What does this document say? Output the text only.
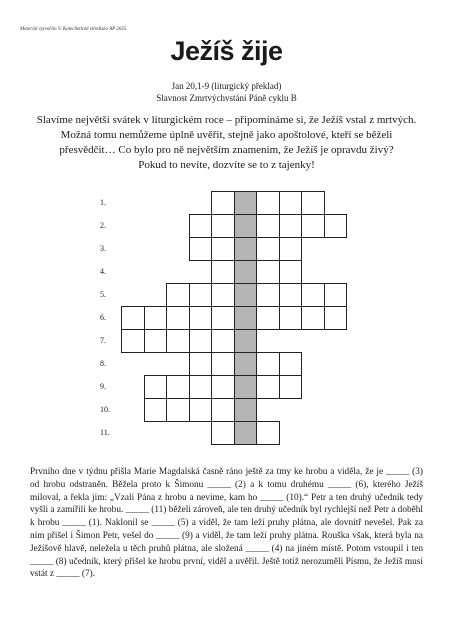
Materiál vytvořilo © Katechetické středisko AP 2025
Ježíš žije
Jan 20,1-9 (liturgický překlad)
Slavnost Zmrtvýchvstání Páně cyklu B

Slavíme největší svátek v liturgickém roce – připomínáme si, že Ježíš vstal z mrtvých.

Možná tomu nemůžeme úplně uvěřit, stejně jako apoštolové, kteří se běželi

přesvědčit… Co bylo pro ně největším znamením, že Ježíš je opravdu živý?

Pokud to nevíte, dozvíte se to z tajenky!

1.
2.
3.
4.
5.
6.
7.
8.
9.
10.
11.

Prvního dne v týdnu přišla Marie Magdalská časně ráno ještě za tmy ke hrobu a viděla, že je _____ (3) od hrobu odstraněn. Běžela proto k Šimonu _____ (2) a k tomu druhému _____ (6), kterého Ježíš miloval, a řekla jim: „Vzali Pána z hrobu a nevíme, kam ho _____ (10).“ Petr a ten druhý učedník tedy vyšli a zamířili ke hrobu. _____ (11) běželi zároveň, ale ten druhý učedník byl rychlejší než Petr a doběhl k hrobu _____ (1). Naklonil se _____ (5) a viděl, že tam leží pruhy plátna, ale dovnitř nevešel. Pak za ním přišel i Šimon Petr, vešel do _____ (9) a viděl, že tam leží pruhy plátna. Rouška však, která byla na Ježíšově hlavě, neležela u těch pruhů plátna, ale složená _____ (4) na jiném místě. Potom vstoupil i ten _____ (8) učedník, který přišel ke hrobu první, viděl a uvěřil. Ještě totiž nerozuměli Písmu, že Ježíš musí vstát z _____ (7).
